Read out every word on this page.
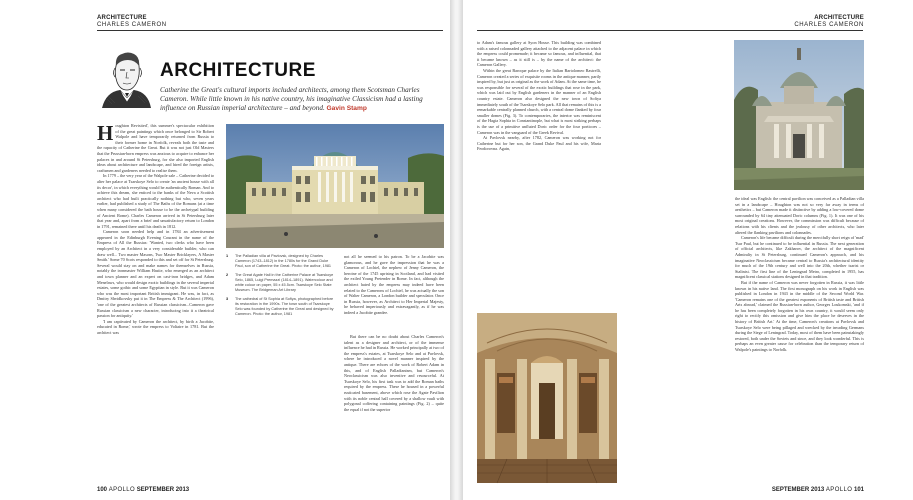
ARCHITECTURE
CHARLES CAMERON
ARCHITECTURE
Catherine the Great's cultural imports included architects, among them Scotsman Charles Cameron. While little known in his native country, his imaginative Classicism had a lasting influence on Russian imperial architecture – and beyond. Gavin Stamp

Houghton Revisited', this summer's spectacular exhibition of the great paintings which once belonged to Sir Robert Walpole and have temporarily returned from Russia to their former home in Norfolk, reveals both the taste and the rapacity of Catherine the Great. But it was not just Old Masters that the Prussian-born empress was anxious to acquire to enhance her palaces in and around St Petersburg, for she also imported English ideas about architecture and landscape, and hired the foreign artists, craftsmen and gardeners needed to realise them.

In 1779 – the very year of the Walpole sale – Catherine decided to alter her palace at Tsarskoye Selo to create 'an ancient house with all its decor', in which everything would be authentically Roman. And to achieve this dream, she enticed to the banks of the Neva a Scottish architect who had built practically nothing but who, seven years earlier, had published a study of The Baths of the Romans (at a time when many considered the bath house to be the archetypal building of Ancient Rome). Charles Cameron arrived in St Petersburg later that year and, apart from a brief and unsatisfactory return to London in 1791, remained there until his death in 1812.

Cameron soon needed help and in 1784 an advertisement appeared in the Edinburgh Evening Courant in the name of the Empress of All the Russias: 'Wanted, two clerks who have been employed by an Architect in a very considerable builder, who can draw well... Two master Masons, Two Master Bricklayers, A Master Smith.' Some 70 Scots responded to this and set off for St Petersburg. Several would stay on and make names for themselves in Russia, notably the ironmaster William Hastie, who emerged as an architect and town planner and an expert on cast-iron bridges, and Adam Menelaws, who would design exotic buildings in the several imperial estates, some gothic and some Egyptian in style. But it was Cameron who was the most important British immigrant. He was, in fact, as Dmitry Shvidkovsky put it in The Empress & The Architect (1996), 'one of the greatest architects of Russian classicism...Cameron gave Russian classicism a new character, introducing into it a theatrical passion for antiquity.'

'I am captivated by Cameron the architect, by birth a Jacobite, educated in Rome,' wrote the empress to Voltaire in 1781. But the architect was

1 The Palladian villa at Pavlovsk, designed by Charles Cameron (1743–1812) in the 1780s for the Grand Duke Paul, son of Catherine the Great. Photo: the author, 1981
2 The Great Agate Hall in the Catherine Palace at Tsarskoye Selo, 1865, Luigi Premazzi (1814–1891). Watercolour and white colour on paper, 55 x 45.5cm. Tsarskoye Selo State Museum. The Bridgeman Art Library
3 The cathedral of St Sophia at Sofiya, photographed before its restoration in the 1990s. The town south of Tsarskoye Selo was founded by Catherine the Great and designed by Cameron. Photo: the author, 1981

not all he seemed to his patron. To be a Jacobite was glamorous, and he gave the impression that he was a Cameron of Lochiel, the nephew of Jenny Cameron, the heroine of the 1745 uprising in Scotland, and had visited the exiled Young Pretender in Rome. In fact, although the architect hated by the empress may indeed have been related to the Camerons of Lochiel, he was actually the son of Walter Cameron, a London builder and speculator. Once in Russia, however, as Architect to Her Imperial Majesty, he behaved imperiously and extravagantly, as if he was indeed a Jacobite grandee.

But there can be no doubt about Charles Cameron's talent as a designer and architect, or of the immense influence he had in Russia. He worked principally at two of the empress's estates, at Tsarskoye Selo and at Pavlovsk, where he introduced a novel manner inspired by the antique. There are echoes of the work of Robert Adam in this, and of English Palladianism, but Cameron's Neoclassicism was also inventive and resourceful. At Tsarskoye Selo, his first task was to add the Roman baths required by the empress. These he housed in a powerful rusticated basement, above which rose the Agate Pavilion with its noble central hall covered by a shallow vault with polygonal coffering containing paintings (Fig. 2) – quite the equal if not the superior

100 APOLLO SEPTEMBER 2013
ARCHITECTURE
CHARLES CAMERON

to Adam's famous gallery at Syon House. This building was combined with a raised colonnaded gallery attached to the adjacent palace in which the empress could promenade; it became so famous, and influential, that it became known – as it still is – by the name of the architect: the Cameron Gallery.

Within the great Baroque palace by the Italian Bartolomeo Rastrelli, Cameron created a series of exquisite rooms in the antique manner, partly inspired by, but just as original as the work of Adam. At the same time, he was responsible for several of the exotic buildings that rose in the park, which was laid out by English gardeners in the manner of an English country estate. Cameron also designed the new town of Sofiya immediately south of the Tsarskoye Selo park. All that remains of this is a remarkable centrally planned church, with a central dome flanked by four smaller domes (Fig. 3). To contemporaries, the interior was reminiscent of the Hagia Sophia in Constantinople, but what is most striking perhaps is the use of a primitive unfluted Doric order for the four porticoes – Cameron was in the vanguard of the Greek Revival.

At Pavlovsk nearby, after 1782, Cameron was working not for Catherine but for her son, the Grand Duke Paul and his wife, Maria Feodorovna. Again,

the ideal was English: the central pavilion was conceived as a Palladian villa set in a landscape – Houghton was not so very far away in terms of aesthetics – but Cameron made it distinctive by adding a low-covered dome surrounded by 64 tiny attenuated Doric columns (Fig. 1). It was one of his most original creations. However, the commission was difficult because of relations with his clients and the jealousy of other architects, who later altered the flanking pavilions and colonnades.

Cameron's life became difficult during the mercifully short reign of 'mad' Tsar Paul, but he continued to be influential in Russia. The next generation of official architects, like Zakharov, the architect of the magnificent Admiralty in St Petersburg, continued Cameron's approach, and his imaginative Neoclassicism became central to Russia's architectural identity for much of the 19th century and well into the 20th, whether tsarist or Stalinist. The first line of the Leningrad Metro, completed in 1955, has magnificent classical stations designed in that tradition.

But if the name of Cameron was never forgotten in Russia, it was little known in his native land. The first monograph on his work in English was published in London in 1943 in the middle of the Second World War. 'Cameron remains one of the greatest exponents of British taste and British Arts abroad,' claimed the Russian-born author, Georges Loukomski, 'and if he has been completely forgotten in his own country, it would seem only right to rectify this omission and give him the place he deserves in the history of British Art.' At the time, Cameron's creations at Pavlovsk and Tsarskoye Selo were being pillaged and wrecked by the invading Germans during the Siege of Leningrad. Today, most of them have been painstakingly restored, both under the Soviets and since, and they look wonderful. This is perhaps an even greater cause for celebration than the temporary return of Walpole's paintings to Norfolk.

SEPTEMBER 2013 APOLLO 101
